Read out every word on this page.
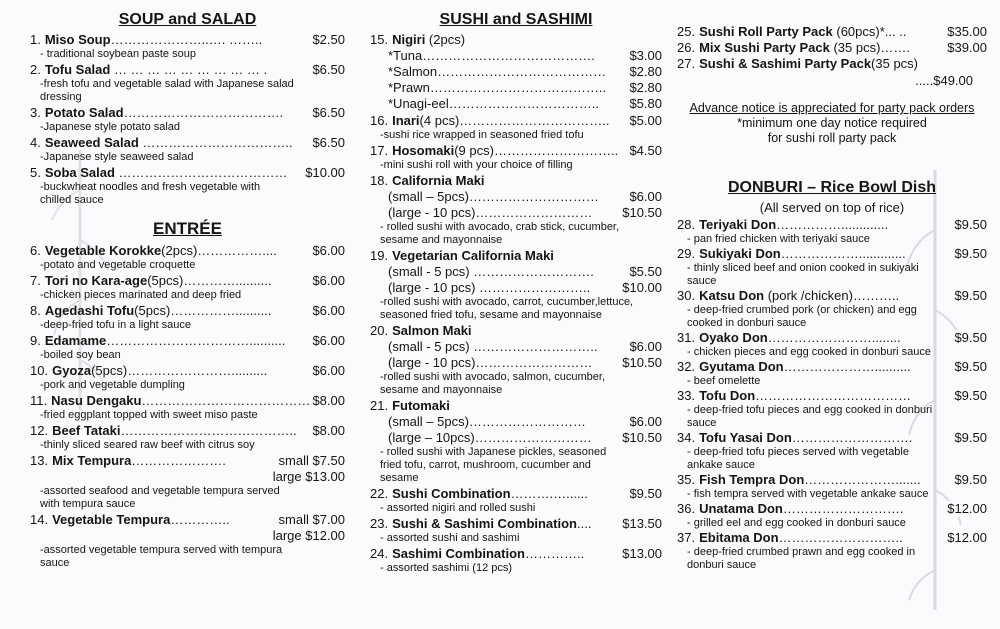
SOUP and SALAD
1. Miso Soup…………………..…. ……..	$2.50
- traditional soybean paste soup
2. Tofu Salad … … … … … … … … … .	$6.50
-fresh tofu and vegetable salad with Japanese salad
dressing
3. Potato Salad……………………………….	$6.50
-Japanese style potato salad
4. Seaweed Salad ……………………………..	$6.50
-Japanese style seaweed salad
5. Soba Salad …………………………………	$10.00
-buckwheat noodles and fresh vegetable with
chilled sauce
ENTRÉE
6. Vegetable Korokke(2pcs)……………....	$6.00
-potato and vegetable croquette
7. Tori no Kara-age(5pcs)…………..........	$6.00
-chicken pieces marinated and deep fried
8. Agedashi Tofu(5pcs)……………..........	$6.00
-deep-fried tofu in a light sauce
9. Edamame……………………………..........	$6.00
-boiled soy bean
10. Gyoza(5pcs)……………………..........	$6.00
-pork and vegetable dumpling
11. Nasu Dengaku………………………………… $8.00
-fried eggplant topped with sweet miso paste
12. Beef Tataki…………………………………..	$8.00
-thinly sliced seared raw beef with citrus soy
13. Mix Tempura………………….	small $7.50
large $13.00
-assorted seafood and vegetable tempura served
with tempura sauce
14. Vegetable Tempura…………..	small $7.00
large $12.00
-assorted vegetable tempura served with tempura
sauce
SUSHI and SASHIMI
15. Nigiri (2pcs)
*Tuna………………………………….	$3.00
*Salmon………………………………… $2.80
*Prawn………………………………….. $2.80
*Unagi-eel…………………………….. $5.80
16. Inari(4 pcs)……………………………..	$5.00
-sushi rice wrapped in seasoned fried tofu
17. Hosomaki(9 pcs)……………………….. $4.50
-mini sushi roll with your choice of filling
18. California Maki
(small – 5pcs)………………………… $6.00
(large - 10 pcs)……………………… $10.50
- rolled sushi with avocado, crab stick, cucumber,
sesame and mayonnaise
19. Vegetarian California Maki
(small - 5 pcs) ……………………….	$5.50
(large - 10 pcs) …………………….. $10.00
-rolled sushi with avocado, carrot, cucumber,lettuce,
seasoned fried tofu, sesame and mayonnaise
20. Salmon Maki
(small - 5 pcs) ……………………….. $6.00
(large - 10 pcs)……………………… $10.50
-rolled sushi with avocado, salmon, cucumber,
sesame and mayonnaise
21. Futomaki
(small – 5pcs)………………………	$6.00
(large – 10pcs)……………………… $10.50
- rolled sushi with Japanese pickles, seasoned
fried tofu, carrot, mushroom, cucumber and
sesame
22. Sushi Combination……….…......	$9.50
- assorted nigiri and rolled sushi
23. Sushi & Sashimi Combination....	$13.50
- assorted sushi and sashimi
24. Sashimi Combination…………..	$13.00
- assorted sashimi (12 pcs)
25. Sushi Roll Party Pack (60pcs)*... ..	$35.00
26. Mix Sushi Party Pack (35 pcs)…….	$39.00
27. Sushi & Sashimi Party Pack(35 pcs)
.....$49.00
Advance notice is appreciated for party pack orders
*minimum one day notice required
for sushi roll party pack
DONBURI – Rice Bowl Dish
(All served on top of rice)
28. Teriyaki Don…………….............	$9.50
- pan fried chicken with teriyaki sauce
29. Sukiyaki Don……………….............	$9.50
- thinly sliced beef and onion cooked in sukiyaki
sauce
30. Katsu Don (pork /chicken)………..	$9.50
- deep-fried crumbed pork (or chicken) and egg
cooked in donburi sauce
31. Oyako Don……………………........	$9.50
- chicken pieces and egg cooked in donburi sauce
32. Gyutama Don…………………..........	$9.50
- beef omelette
33. Tofu Don………………………………	$9.50
- deep-fried tofu pieces and egg cooked in donburi
sauce
34. Tofu Yasai Don……………………….	$9.50
- deep-fried tofu pieces served with vegetable
ankake sauce
35. Fish Tempra Don………………….......	$9.50
- fish tempra served with vegetable ankake sauce
36. Unatama Don……………………….	$12.00
- grilled eel and egg cooked in donburi sauce
37. Ebitama Don………………………..	$12.00
- deep-fried crumbed prawn and egg cooked in
donburi sauce
